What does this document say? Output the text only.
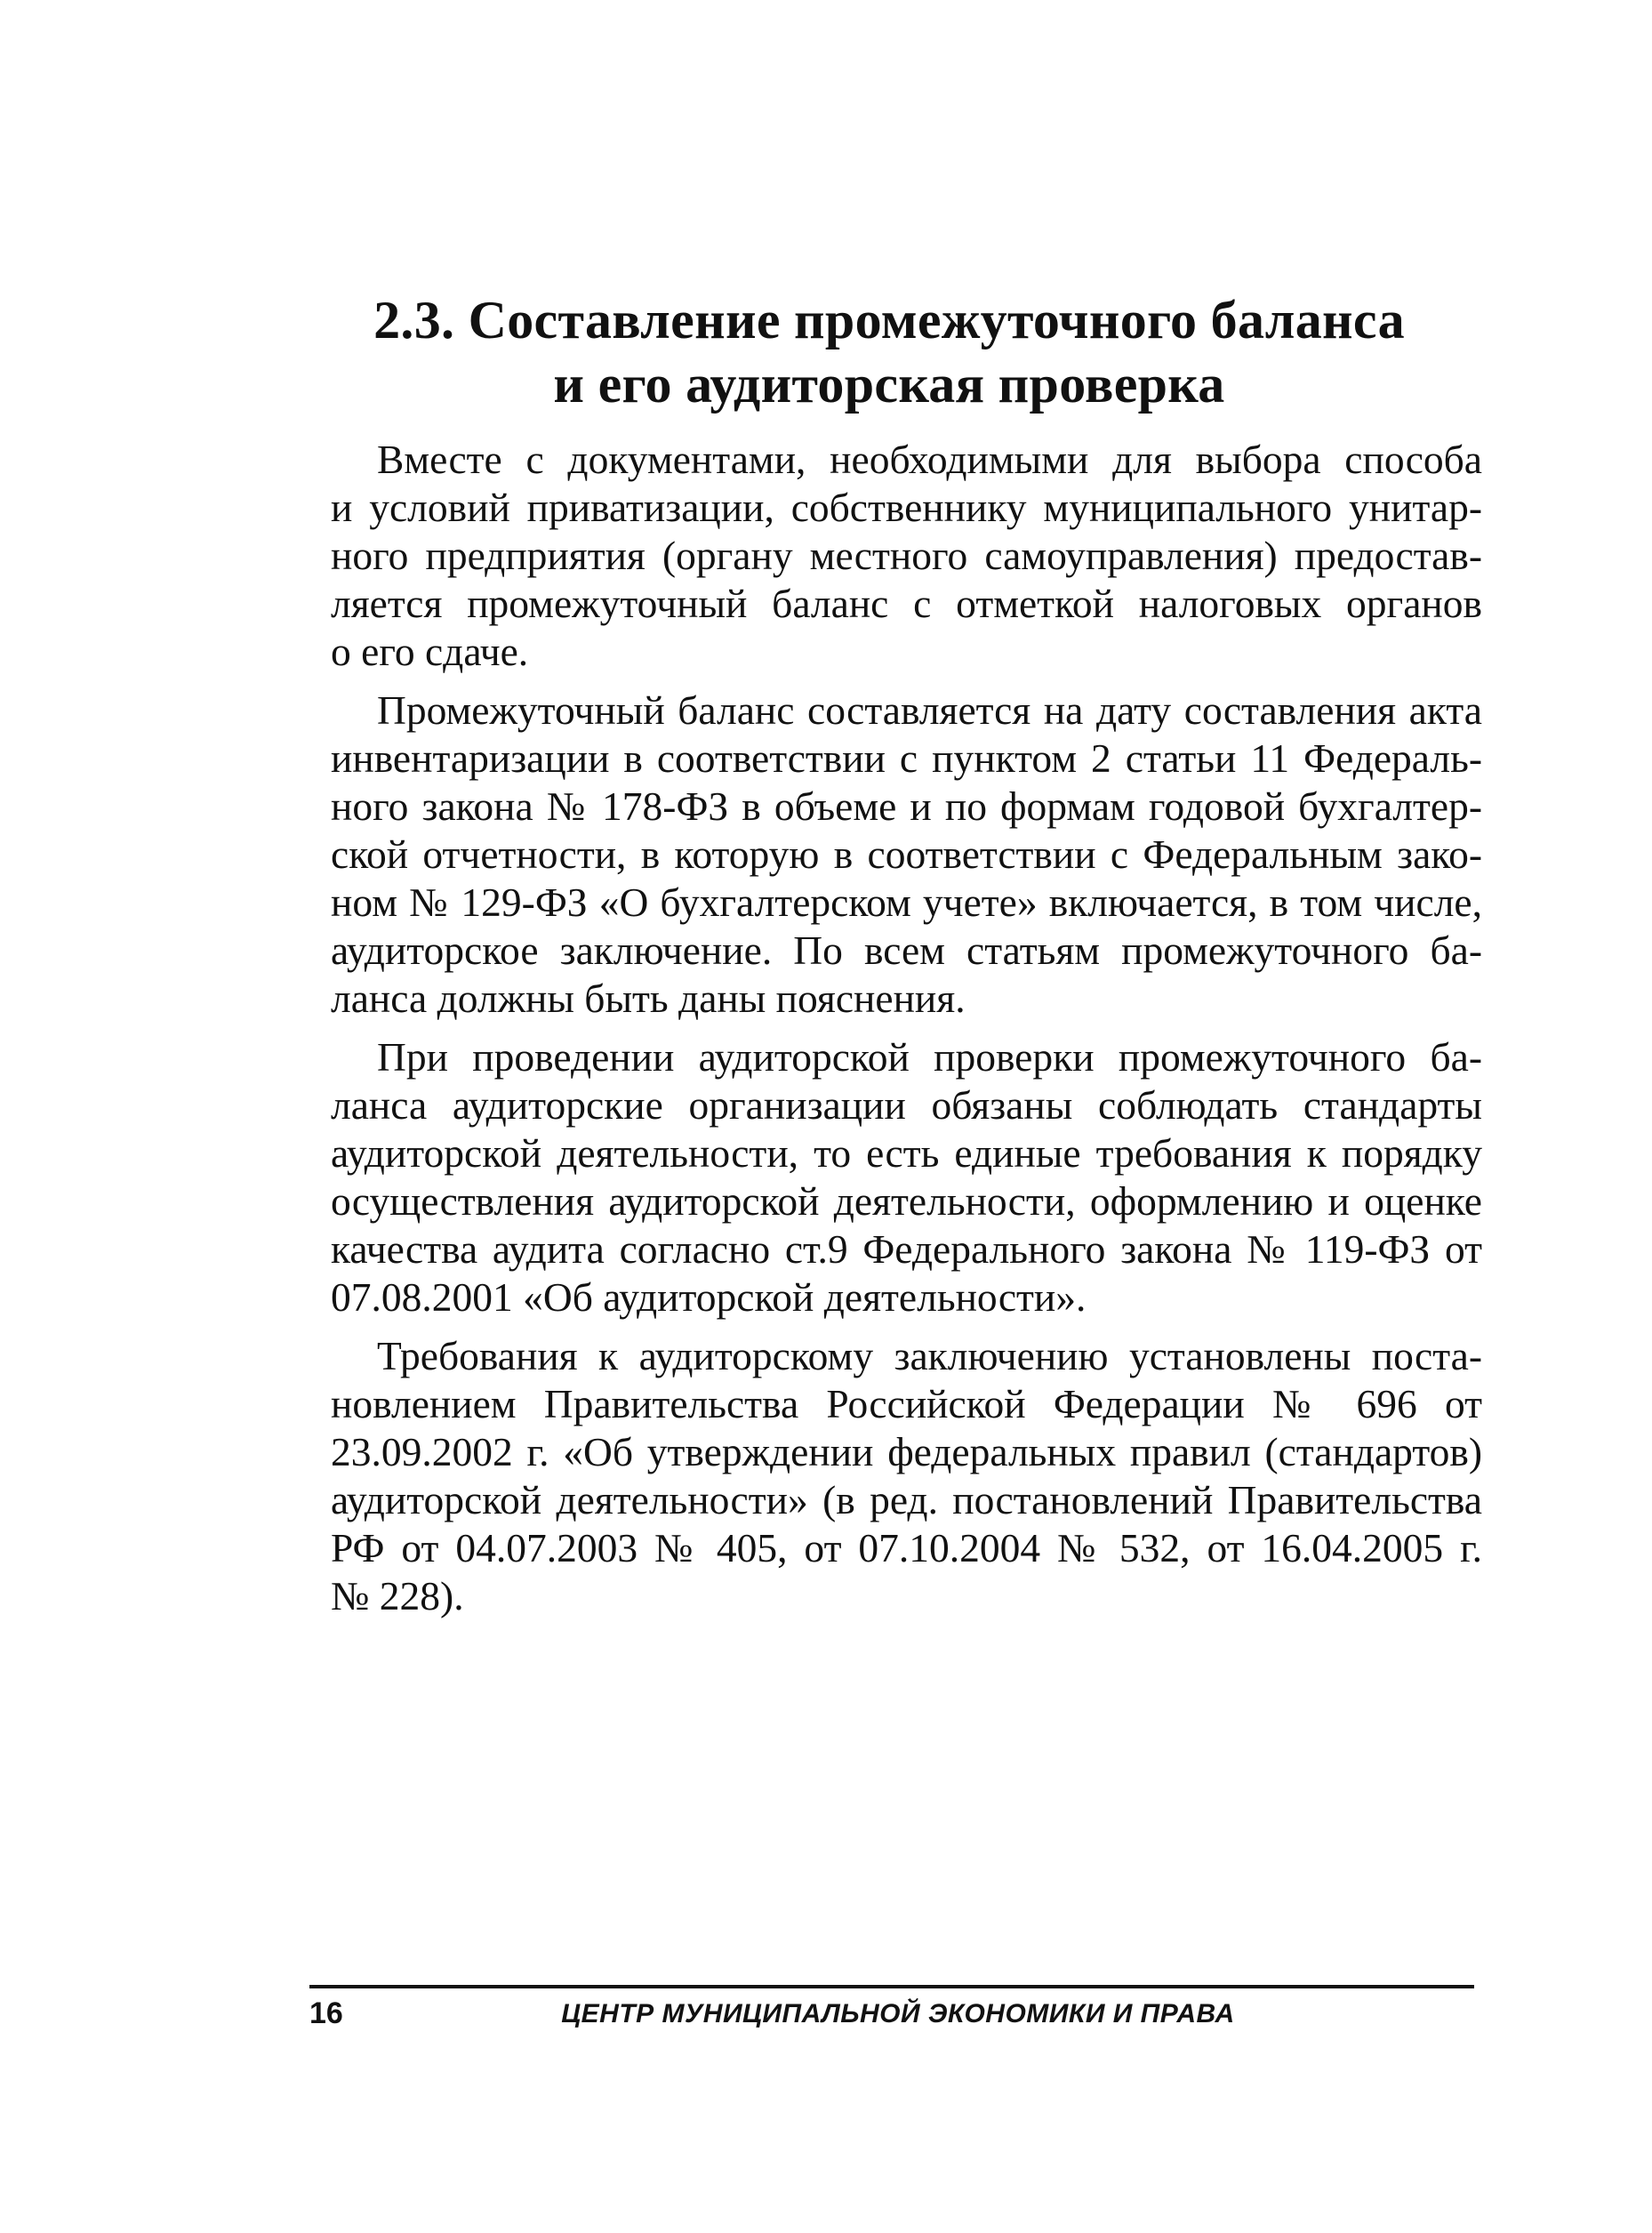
2.3. Составление промежуточного баланса
и его аудиторская проверка
Вместе с документами, необходимыми для выбора способа
и условий приватизации, собственнику муниципального унитар-
ного предприятия (органу местного самоуправления) предостав-
ляется промежуточный баланс с отметкой налоговых органов
о его сдаче.
Промежуточный баланс составляется на дату составления акта
инвентаризации в соответствии с пунктом 2 статьи 11 Федераль-
ного закона № 178-ФЗ в объеме и по формам годовой бухгалтер-
ской отчетности, в которую в соответствии с Федеральным зако-
ном № 129-ФЗ «О бухгалтерском учете» включается, в том числе,
аудиторское заключение. По всем статьям промежуточного ба-
ланса должны быть даны пояснения.
При проведении аудиторской проверки промежуточного ба-
ланса аудиторские организации обязаны соблюдать стандарты
аудиторской деятельности, то есть единые требования к порядку
осуществления аудиторской деятельности, оформлению и оценке
качества аудита согласно ст.9 Федерального закона № 119-ФЗ от
07.08.2001 «Об аудиторской деятельности».
Требования к аудиторскому заключению установлены поста-
новлением Правительства Российской Федерации № 696 от
23.09.2002 г. «Об утверждении федеральных правил (стандартов)
аудиторской деятельности» (в ред. постановлений Правительства
РФ от 04.07.2003 № 405, от 07.10.2004 № 532, от 16.04.2005 г.
№ 228).
16	ЦЕНТР МУНИЦИПАЛЬНОЙ ЭКОНОМИКИ И ПРАВА
